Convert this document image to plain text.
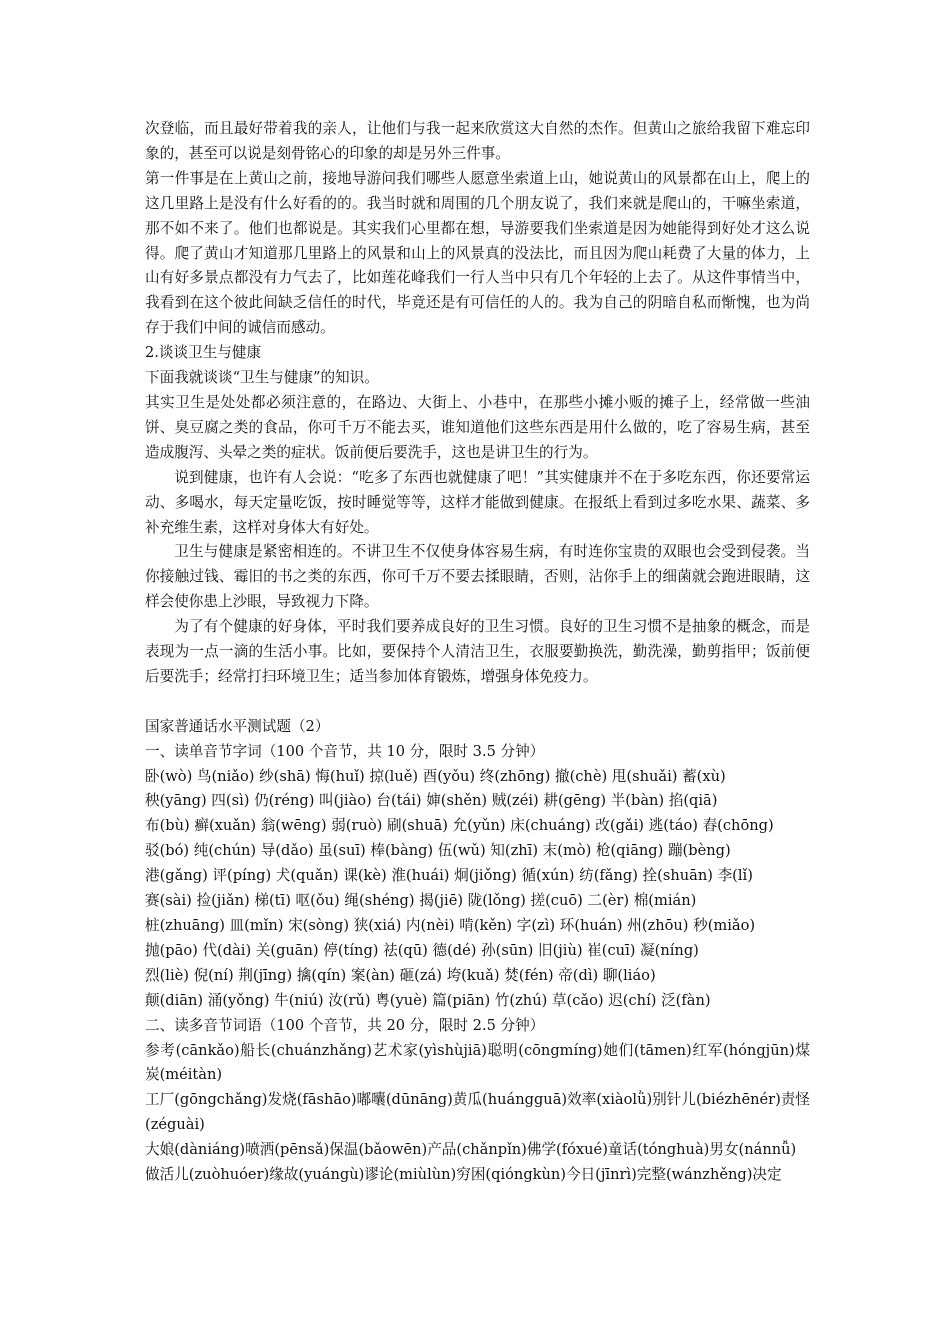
次登临，而且最好带着我的亲人，让他们与我一起来欣赏这大自然的杰作。但黄山之旅给我留下难忘印象的，甚至可以说是刻骨铭心的印象的却是另外三件事。

第一件事是在上黄山之前，接地导游问我们哪些人愿意坐索道上山，她说黄山的风景都在山上，爬上的这几里路上是没有什么好看的的。我当时就和周围的几个朋友说了，我们来就是爬山的，干嘛坐索道，那不如不来了。他们也都说是。其实我们心里都在想，导游要我们坐索道是因为她能得到好处才这么说得。爬了黄山才知道那几里路上的风景和山上的风景真的没法比，而且因为爬山耗费了大量的体力，上山有好多景点都没有力气去了，比如莲花峰我们一行人当中只有几个年轻的上去了。从这件事情当中，我看到在这个彼此间缺乏信任的时代，毕竟还是有可信任的人的。我为自己的阴暗自私而惭愧，也为尚存于我们中间的诚信而感动。

2.谈谈卫生与健康

下面我就谈谈“卫生与健康”的知识。

其实卫生是处处都必须注意的，在路边、大街上、小巷中，在那些小摊小贩的摊子上，经常做一些油饼、臭豆腐之类的食品，你可千万不能去买，谁知道他们这些东西是用什么做的，吃了容易生病，甚至造成腹泻、头晕之类的症状。饭前便后要洗手，这也是讲卫生的行为。

说到健康，也许有人会说：“吃多了东西也就健康了吧！”其实健康并不在于多吃东西，你还要常运动、多喝水，每天定量吃饭，按时睡觉等等，这样才能做到健康。在报纸上看到过多吃水果、蔬菜、多补充维生素，这样对身体大有好处。

卫生与健康是紧密相连的。不讲卫生不仅使身体容易生病，有时连你宝贵的双眼也会受到侵袭。当你接触过钱、霉旧的书之类的东西，你可千万不要去揉眼睛，否则，沾你手上的细菌就会跑进眼睛，这样会使你患上沙眼，导致视力下降。

为了有个健康的好身体，平时我们要养成良好的卫生习惯。良好的卫生习惯不是抽象的概念，而是表现为一点一滴的生活小事。比如，要保持个人清洁卫生，衣服要勤换洗，勤洗澡，勤剪指甲；饭前便后要洗手；经常打扫环境卫生；适当参加体育锻炼，增强身体免疫力。

国家普通话水平测试题（2）

一、读单音节字词（100 个音节，共 10 分，限时 3.5 分钟）

卧(wò) 鸟(niǎo) 纱(shā) 悔(huǐ) 掠(luě) 酉(yǒu) 终(zhōng) 撤(chè) 甩(shuǎi) 蓄(xù)

秧(yāng) 四(sì) 仍(réng) 叫(jiào) 台(tái) 婶(shěn) 贼(zéi) 耕(gēng) 半(bàn) 掐(qiā)

布(bù) 癣(xuǎn) 翁(wēng) 弱(ruò) 刷(shuā) 允(yǔn) 床(chuáng) 改(gǎi) 逃(táo) 舂(chōng)

驳(bó) 纯(chún) 导(dǎo) 虽(suī) 棒(bàng) 伍(wǔ) 知(zhī) 末(mò) 枪(qiāng) 蹦(bèng)

港(gǎng) 评(píng) 犬(quǎn) 课(kè) 淮(huái) 炯(jiǒng) 循(xún) 纺(fǎng) 拴(shuān) 李(lǐ)

赛(sài) 捡(jiǎn) 梯(tī) 呕(ǒu) 绳(shéng) 揭(jiē) 陇(lǒng) 搓(cuō) 二(èr) 棉(mián)

桩(zhuāng) 皿(mǐn) 宋(sòng) 狭(xiá) 内(nèi) 啃(kěn) 字(zì) 环(huán) 州(zhōu) 秒(miǎo)

抛(pāo) 代(dài) 关(guān) 停(tíng) 祛(qū) 德(dé) 孙(sūn) 旧(jiù) 崔(cuī) 凝(níng)

烈(liè) 倪(ní) 荆(jīng) 擒(qín) 案(àn) 砸(zá) 垮(kuǎ) 焚(fén) 帝(dì) 聊(liáo)

颠(diān) 涌(yǒng) 牛(niú) 汝(rǔ) 粤(yuè) 篇(piān) 竹(zhú) 草(cǎo) 迟(chí) 泛(fàn)

二、读多音节词语（100 个音节，共 20 分，限时 2.5 分钟）

参考(cānkǎo)船长(chuánzhǎng)艺术家(yìshùjiā)聪明(cōngmíng)她们(tāmen)红军(hóngjūn)煤炭(méitàn)

工厂(gōngchǎng)发烧(fāshāo)嘟囔(dūnāng)黄瓜(huángguā)效率(xiàolǜ)别针儿(biézhēnér)责怪(zéguài)

大娘(dàniáng)喷洒(pēnsǎ)保温(bǎowēn)产品(chǎnpǐn)佛学(fóxué)童话(tónghuà)男女(nánnǚ)

做活儿(zuòhuóer)缘故(yuángù)谬论(miùlùn)穷困(qióngkùn)今日(jīnrì)完整(wánzhěng)决定
